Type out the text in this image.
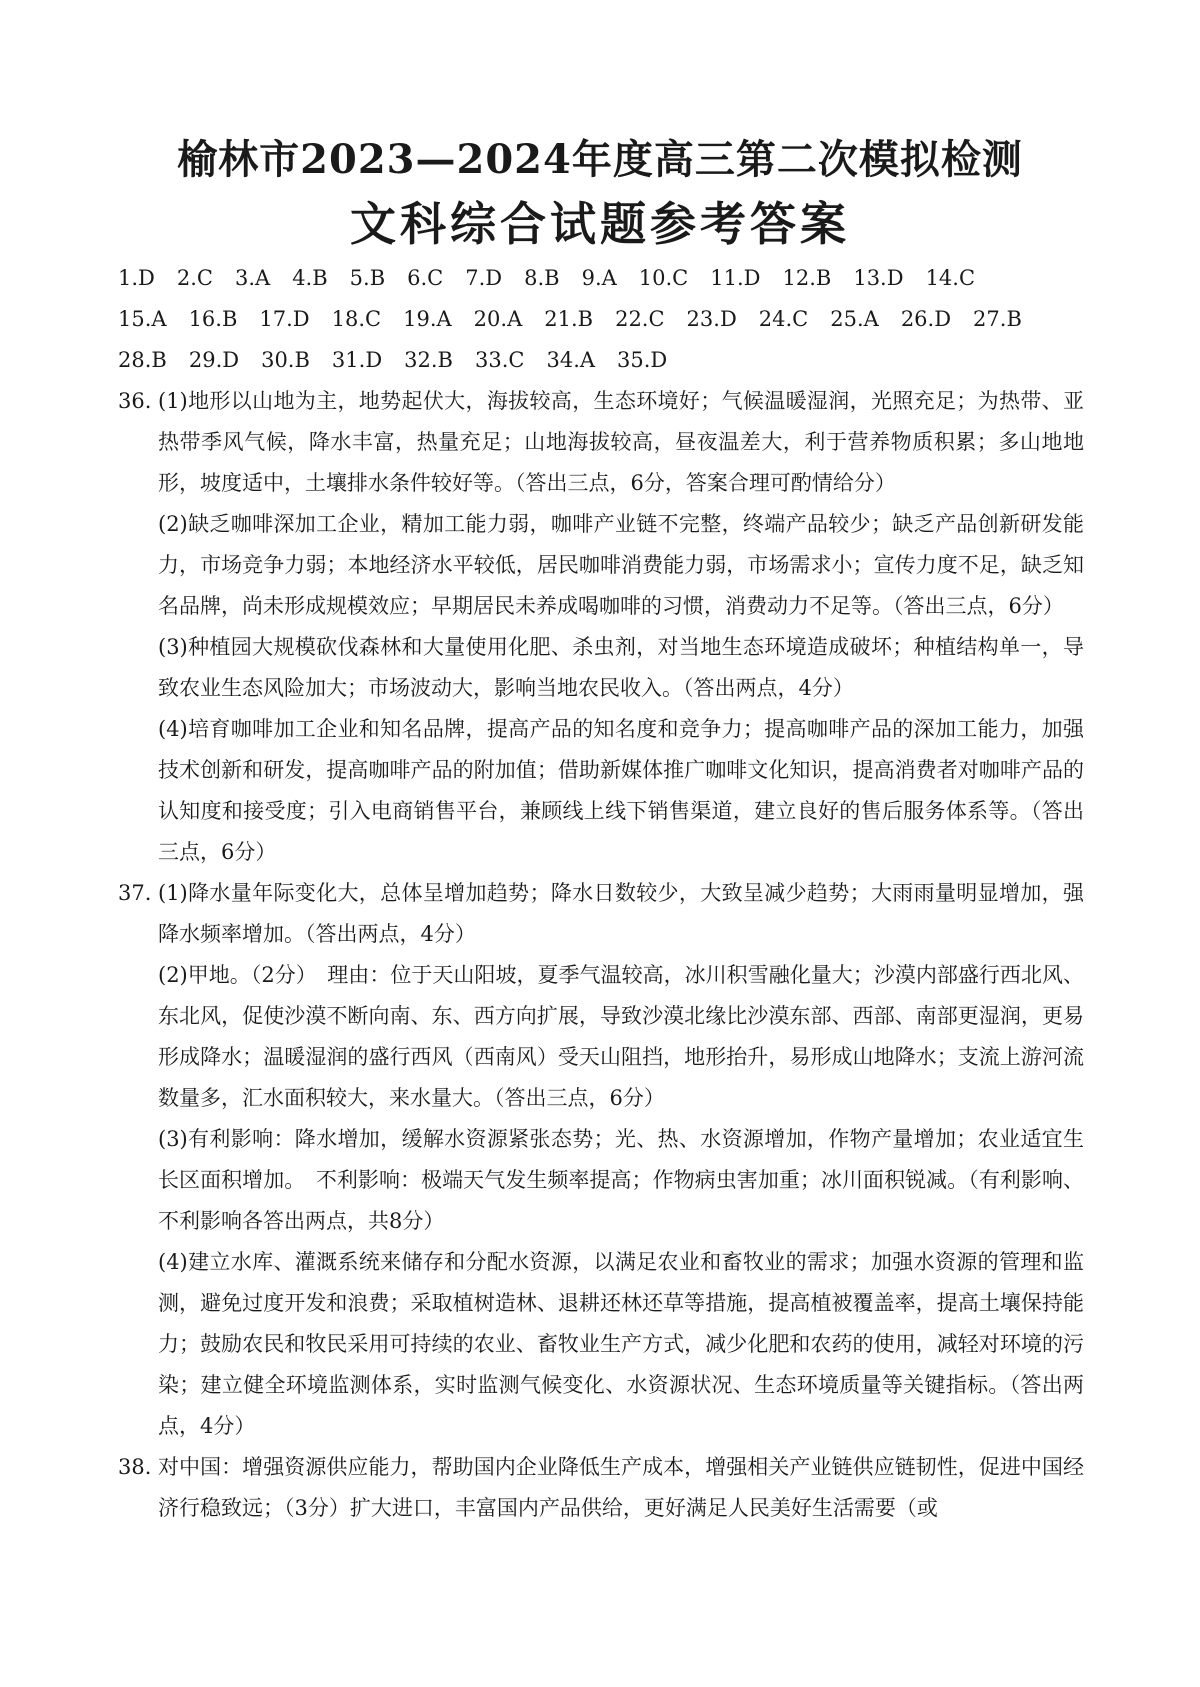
榆林市2023—2024年度高三第二次模拟检测
文科综合试题参考答案
1.D 2.C 3.A 4.B 5.B 6.C 7.D 8.B 9.A 10.C 11.D 12.B 13.D 14.C
15.A 16.B 17.D 18.C 19.A 20.A 21.B 22.C 23.D 24.C 25.A 26.D 27.B
28.B 29.D 30.B 31.D 32.B 33.C 34.A 35.D
36. (1)地形以山地为主，地势起伏大，海拔较高，生态环境好；气候温暖湿润，光照充足；为热带、亚热带季风气候，降水丰富，热量充足；山地海拔较高，昼夜温差大，利于营养物质积累；多山地地形，坡度适中，土壤排水条件较好等。（答出三点，6分，答案合理可酌情给分）
(2)缺乏咖啡深加工企业，精加工能力弱，咖啡产业链不完整，终端产品较少；缺乏产品创新研发能力，市场竞争力弱；本地经济水平较低，居民咖啡消费能力弱，市场需求小；宣传力度不足，缺乏知名品牌，尚未形成规模效应；早期居民未养成喝咖啡的习惯，消费动力不足等。（答出三点，6分）
(3)种植园大规模砍伐森林和大量使用化肥、杀虫剂，对当地生态环境造成破坏；种植结构单一，导致农业生态风险加大；市场波动大，影响当地农民收入。（答出两点，4分）
(4)培育咖啡加工企业和知名品牌，提高产品的知名度和竞争力；提高咖啡产品的深加工能力，加强技术创新和研发，提高咖啡产品的附加值；借助新媒体推广咖啡文化知识，提高消费者对咖啡产品的认知度和接受度；引入电商销售平台，兼顾线上线下销售渠道，建立良好的售后服务体系等。（答出三点，6分）
37. (1)降水量年际变化大，总体呈增加趋势；降水日数较少，大致呈减少趋势；大雨雨量明显增加，强降水频率增加。（答出两点，4分）
(2)甲地。（2分）　理由：位于天山阳坡，夏季气温较高，冰川积雪融化量大；沙漠内部盛行西北风、东北风，促使沙漠不断向南、东、西方向扩展，导致沙漠北缘比沙漠东部、西部、南部更湿润，更易形成降水；温暖湿润的盛行西风（西南风）受天山阻挡，地形抬升，易形成山地降水；支流上游河流数量多，汇水面积较大，来水量大。（答出三点，6分）
(3)有利影响：降水增加，缓解水资源紧张态势；光、热、水资源增加，作物产量增加；农业适宜生长区面积增加。　不利影响：极端天气发生频率提高；作物病虫害加重；冰川面积锐减。（有利影响、不利影响各答出两点，共8分）
(4)建立水库、灌溉系统来储存和分配水资源，以满足农业和畜牧业的需求；加强水资源的管理和监测，避免过度开发和浪费；采取植树造林、退耕还林还草等措施，提高植被覆盖率，提高土壤保持能力；鼓励农民和牧民采用可持续的农业、畜牧业生产方式，减少化肥和农药的使用，减轻对环境的污染；建立健全环境监测体系，实时监测气候变化、水资源状况、生态环境质量等关键指标。（答出两点，4分）
38. 对中国：增强资源供应能力，帮助国内企业降低生产成本，增强相关产业链供应链韧性，促进中国经济行稳致远；（3分）扩大进口，丰富国内产品供给，更好满足人民美好生活需要（或
